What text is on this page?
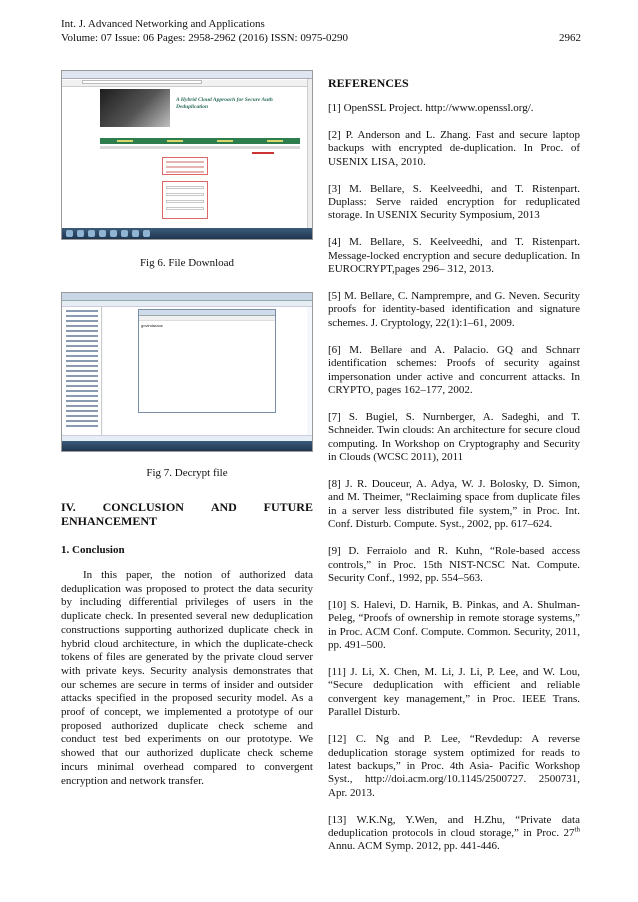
Int. J. Advanced Networking and Applications
Volume: 07 Issue: 06 Pages: 2958-2962 (2016) ISSN: 0975-0290	2962
A Hybrid Cloud Approach for Secure Auth Deduplication
Fig 6. File Download
govindaraos
Fig 7. Decrypt file
IV. CONCLUSION AND FUTURE
ENHANCEMENT
1. Conclusion

In this paper, the notion of authorized data deduplication was proposed to protect the data security by including differential privileges of users in the duplicate check. In presented several new deduplication constructions supporting authorized duplicate check in hybrid cloud architecture, in which the duplicate-check tokens of files are generated by the private cloud server with private keys. Security analysis demonstrates that our schemes are secure in terms of insider and outsider attacks specified in the proposed security model. As a proof of concept, we implemented a prototype of our proposed authorized duplicate check scheme and conduct test bed experiments on our prototype. We showed that our authorized duplicate check scheme incurs minimal overhead compared to convergent encryption and network transfer.

REFERENCES

[1] OpenSSL Project. http://www.openssl.org/.

[2] P. Anderson and L. Zhang. Fast and secure laptop backups with encrypted de-duplication. In Proc. of USENIX LISA, 2010.

[3] M. Bellare, S. Keelveedhi, and T. Ristenpart. Duplass: Serve raided encryption for reduplicated storage. In USENIX Security Symposium, 2013

[4] M. Bellare, S. Keelveedhi, and T. Ristenpart. Message-locked encryption and secure deduplication. In EUROCRYPT,pages 296– 312, 2013.

[5] M. Bellare, C. Namprempre, and G. Neven. Security proofs for identity-based identification and signature schemes. J. Cryptology, 22(1):1–61, 2009.

[6] M. Bellare and A. Palacio. GQ and Schnarr identification schemes: Proofs of security against impersonation under active and concurrent attacks. In CRYPTO, pages 162–177, 2002.

[7] S. Bugiel, S. Nurnberger, A. Sadeghi, and T. Schneider. Twin clouds: An architecture for secure cloud computing. In Workshop on Cryptography and Security in Clouds (WCSC 2011), 2011

[8] J. R. Douceur, A. Adya, W. J. Bolosky, D. Simon, and M. Theimer, “Reclaiming space from duplicate files in a server less distributed file system,” in Proc. Int. Conf. Disturb. Compute. Syst., 2002, pp. 617–624.

[9] D. Ferraiolo and R. Kuhn, “Role-based access controls,” in Proc. 15th NIST-NCSC Nat. Compute. Security Conf., 1992, pp. 554–563.

[10] S. Halevi, D. Harnik, B. Pinkas, and A. Shulman-Peleg, “Proofs of ownership in remote storage systems,” in Proc. ACM Conf. Compute. Common. Security, 2011, pp. 491–500.

[11] J. Li, X. Chen, M. Li, J. Li, P. Lee, and W. Lou, “Secure deduplication with efficient and reliable convergent key management,” in Proc. IEEE Trans. Parallel Disturb.

[12] C. Ng and P. Lee, “Revdedup: A reverse deduplication storage system optimized for reads to latest backups,” in Proc. 4th Asia- Pacific Workshop Syst., http://doi.acm.org/10.1145/2500727. 2500731, Apr. 2013.

[13] W.K.Ng, Y.Wen, and H.Zhu, “Private data deduplication protocols in cloud storage,” in Proc. 27th Annu. ACM Symp. 2012, pp. 441-446.
